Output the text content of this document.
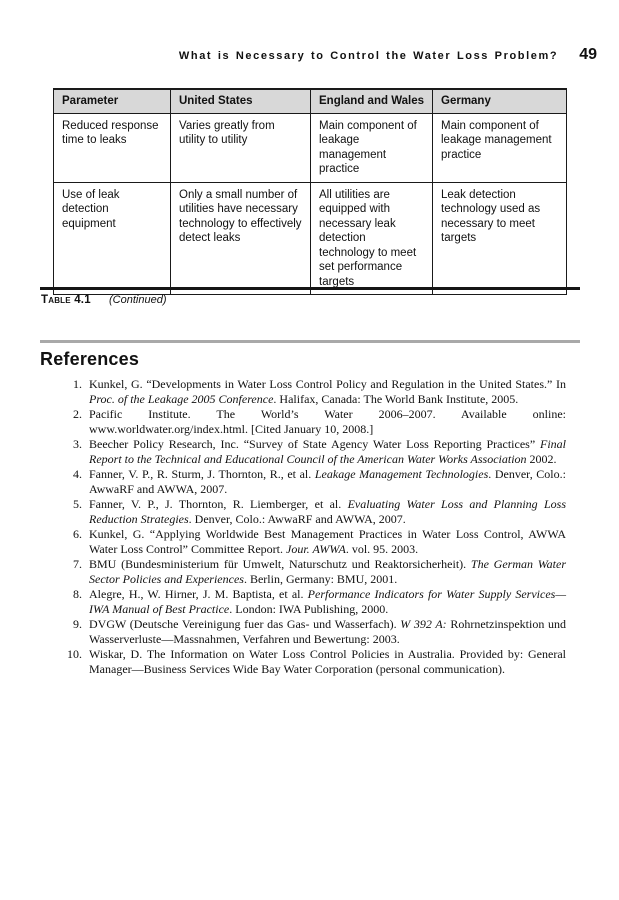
What is Necessary to Control the Water Loss Problem? 49
Parameter	United States	England and Wales	Germany
Reduced response time to leaks	Varies greatly from utility to utility	Main component of leakage management practice	Main component of leakage management practice
Use of leak detection equipment	Only a small number of utilities have necessary technology to effectively detect leaks	All utilities are equipped with necessary leak detection technology to meet set performance targets	Leak detection technology used as necessary to meet targets
Table 4.1 (Continued)
References
1. Kunkel, G. “Developments in Water Loss Control Policy and Regulation in the United States.” In Proc. of the Leakage 2005 Conference. Halifax, Canada: The World Bank Institute, 2005.
2. Pacific Institute. The World’s Water 2006–2007. Available online: www.worldwater.org/index.html. [Cited January 10, 2008.]
3. Beecher Policy Research, Inc. “Survey of State Agency Water Loss Reporting Practices” Final Report to the Technical and Educational Council of the American Water Works Association 2002.
4. Fanner, V. P., R. Sturm, J. Thornton, R., et al. Leakage Management Technologies. Denver, Colo.: AwwaRF and AWWA, 2007.
5. Fanner, V. P., J. Thornton, R. Liemberger, et al. Evaluating Water Loss and Planning Loss Reduction Strategies. Denver, Colo.: AwwaRF and AWWA, 2007.
6. Kunkel, G. “Applying Worldwide Best Management Practices in Water Loss Control, AWWA Water Loss Control” Committee Report. Jour. AWWA. vol. 95. 2003.
7. BMU (Bundesministerium für Umwelt, Naturschutz und Reaktorsicherheit). The German Water Sector Policies and Experiences. Berlin, Germany: BMU, 2001.
8. Alegre, H., W. Hirner, J. M. Baptista, et al. Performance Indicators for Water Supply Services—IWA Manual of Best Practice. London: IWA Publishing, 2000.
9. DVGW (Deutsche Vereinigung fuer das Gas- und Wasserfach). W 392 A: Rohrnetzinspektion und Wasserverluste—Massnahmen, Verfahren und Bewertung: 2003.
10. Wiskar, D. The Information on Water Loss Control Policies in Australia. Provided by: General Manager—Business Services Wide Bay Water Corporation (personal communication).
